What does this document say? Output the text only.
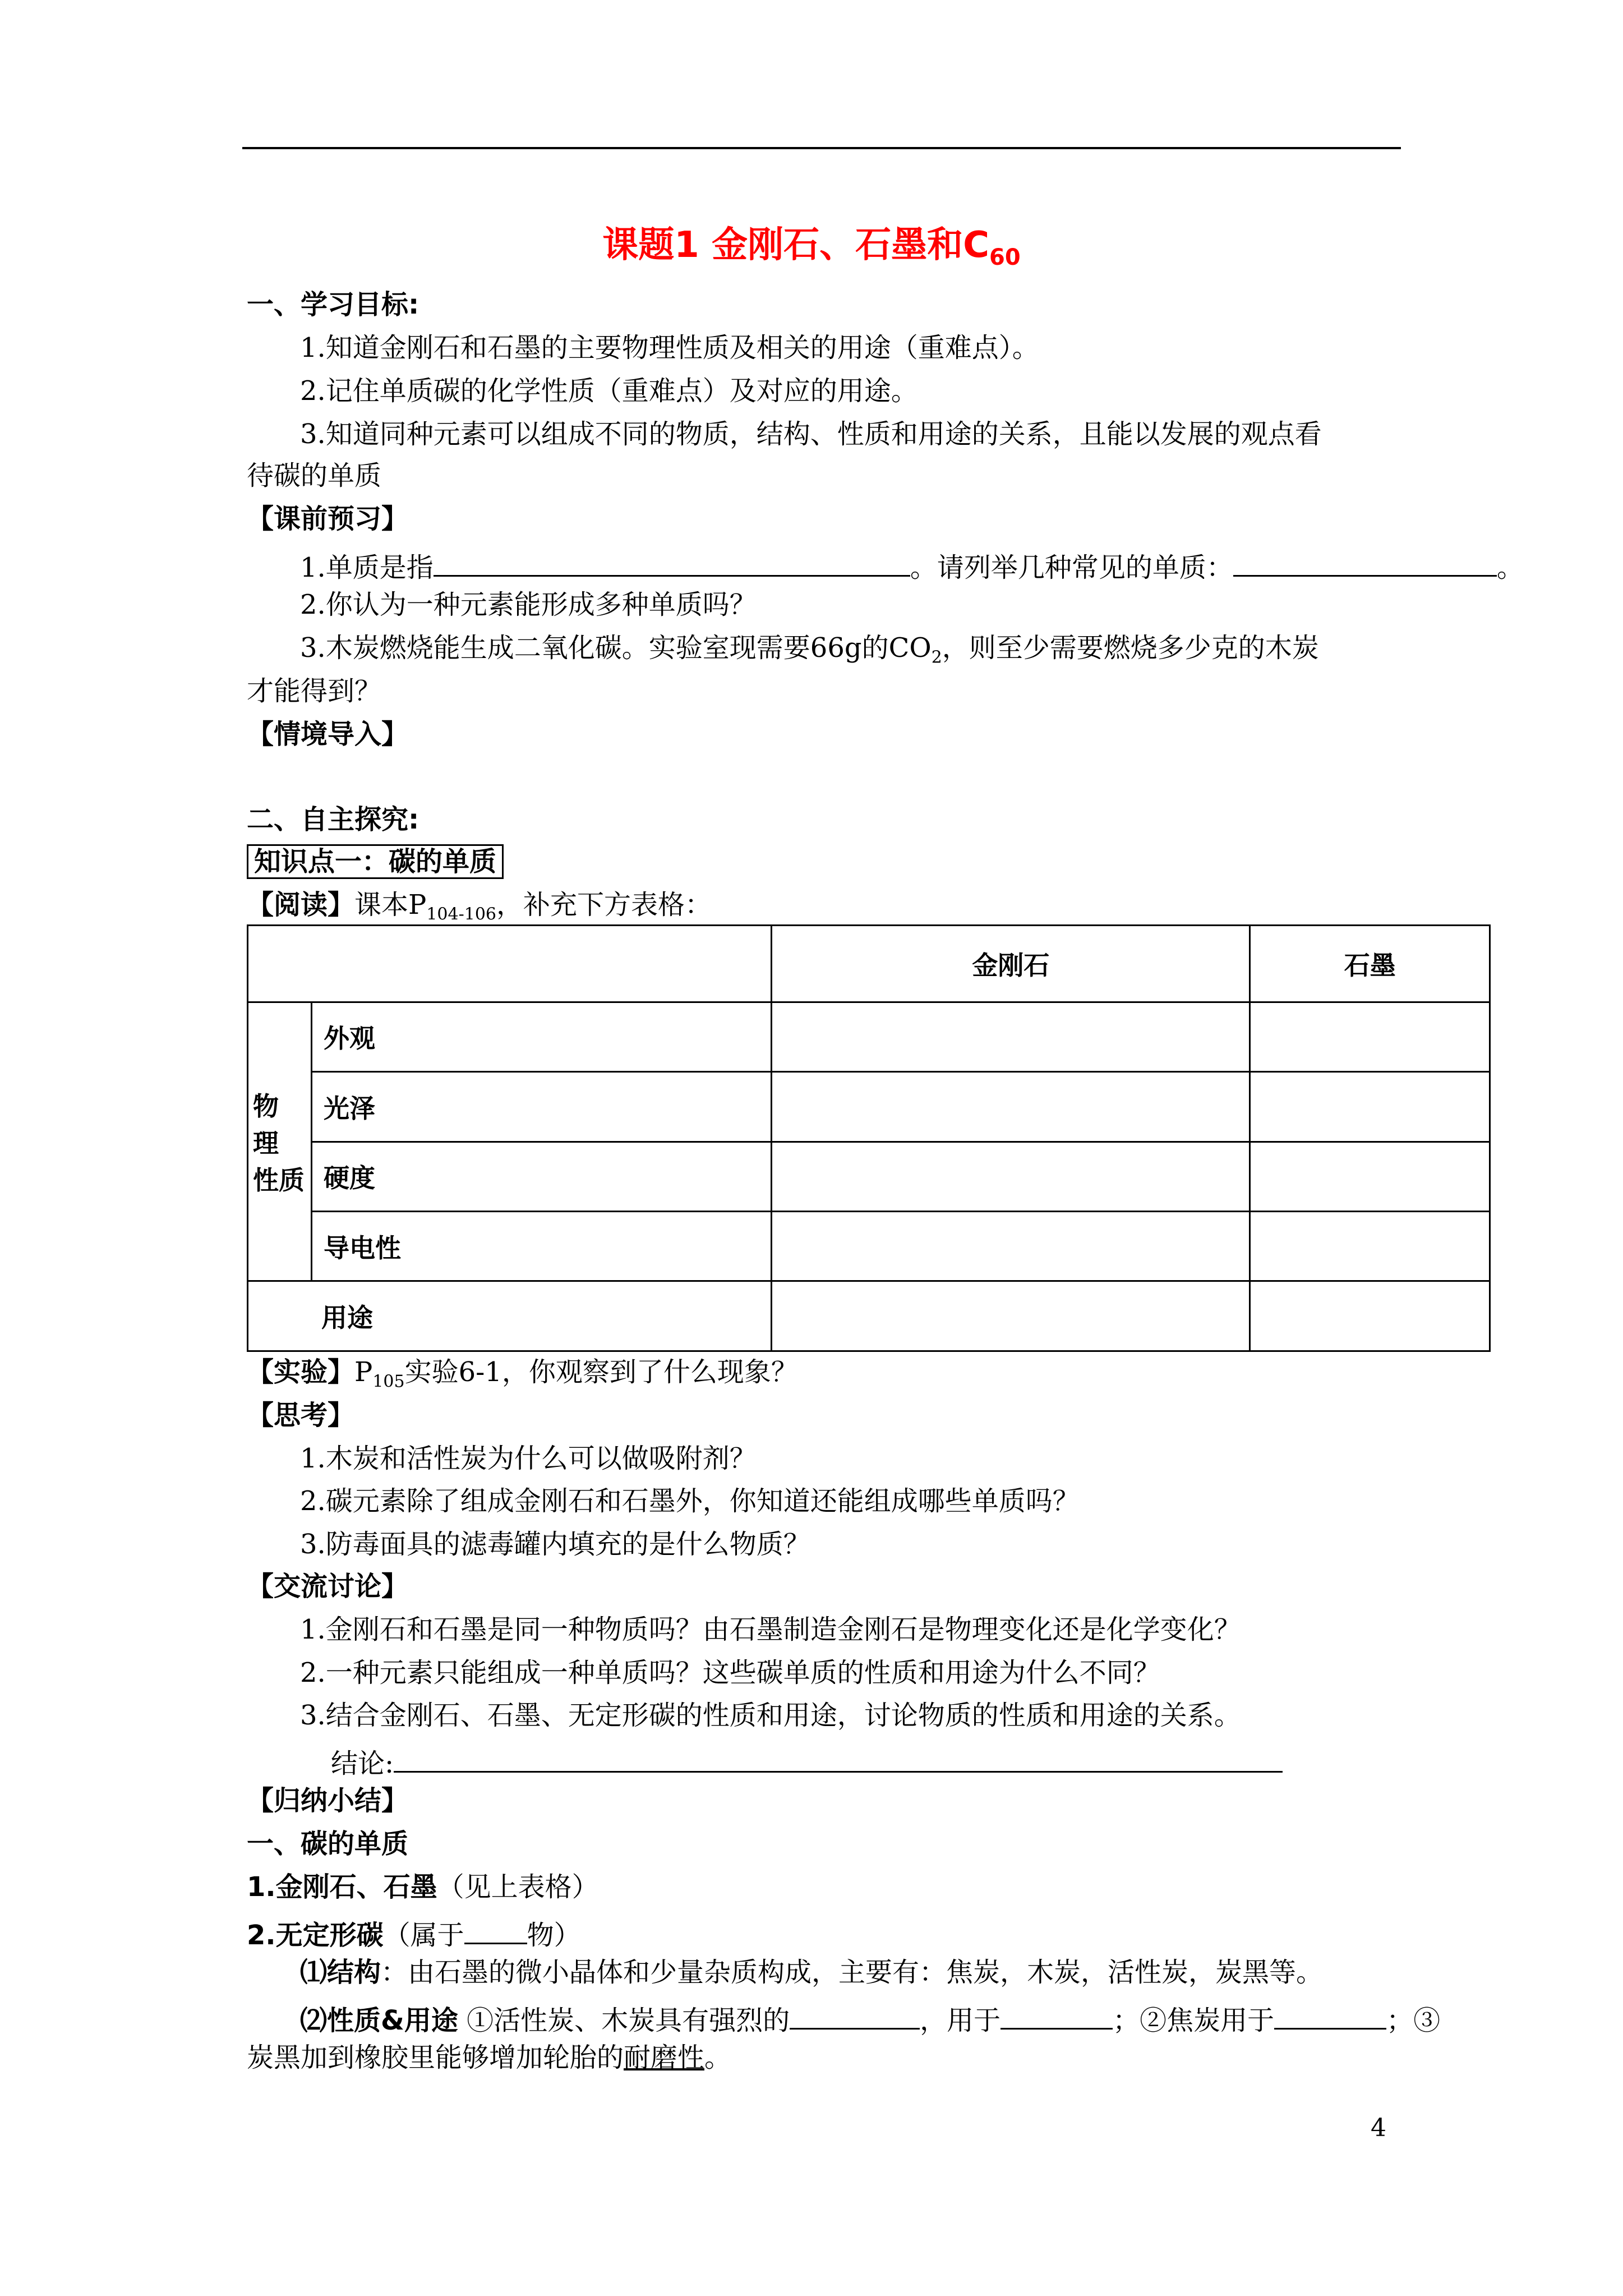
课题1 金刚石、石墨和$C_{60}$
一、学习目标:
1.知道金刚石和石墨的主要物理性质及相关的用途（重难点）。
2.记住单质碳的化学性质（重难点）及对应的用途。
3.知道同种元素可以组成不同的物质，结构、性质和用途的关系，且能以发展的观点看
待碳的单质
【课前预习】
1.单质是指	。请列举几种常见的单质：	。
2.你认为一种元素能形成多种单质吗？
3.木炭燃烧能生成二氧化碳。实验室现需要66g的$CO_2$，则至少需要燃烧多少克的木炭
才能得到？
【情境导入】
二、自主探究:
知识点一：碳的单质
【阅读】课本$P_{104-106}$，补充下方表格：
		金刚石	石墨

物 理
性质	外观		
	光泽		
	硬度		
	导电性		
用途			
【实验】$P_{105}$实验6-1，你观察到了什么现象？
【思考】
1.木炭和活性炭为什么可以做吸附剂？
2.碳元素除了组成金刚石和石墨外，你知道还能组成哪些单质吗？
3.防毒面具的滤毒罐内填充的是什么物质？
【交流讨论】
1.金刚石和石墨是同一种物质吗？由石墨制造金刚石是物理变化还是化学变化？
2.一种元素只能组成一种单质吗？这些碳单质的性质和用途为什么不同？
3.结合金刚石、石墨、无定形碳的性质和用途，讨论物质的性质和用途的关系。
结论:
【归纳小结】
一、碳的单质
1.金刚石、石墨（见上表格）
2.无定形碳（属于 物）
⑴结构：由石墨的微小晶体和少量杂质构成，主要有：焦炭，木炭，活性炭，炭黑等。
⑵性质&用途 ①活性炭、木炭具有强烈的	，用于	；②焦炭用于	；③
炭黑加到橡胶里能够增加轮胎的耐磨性。
4
